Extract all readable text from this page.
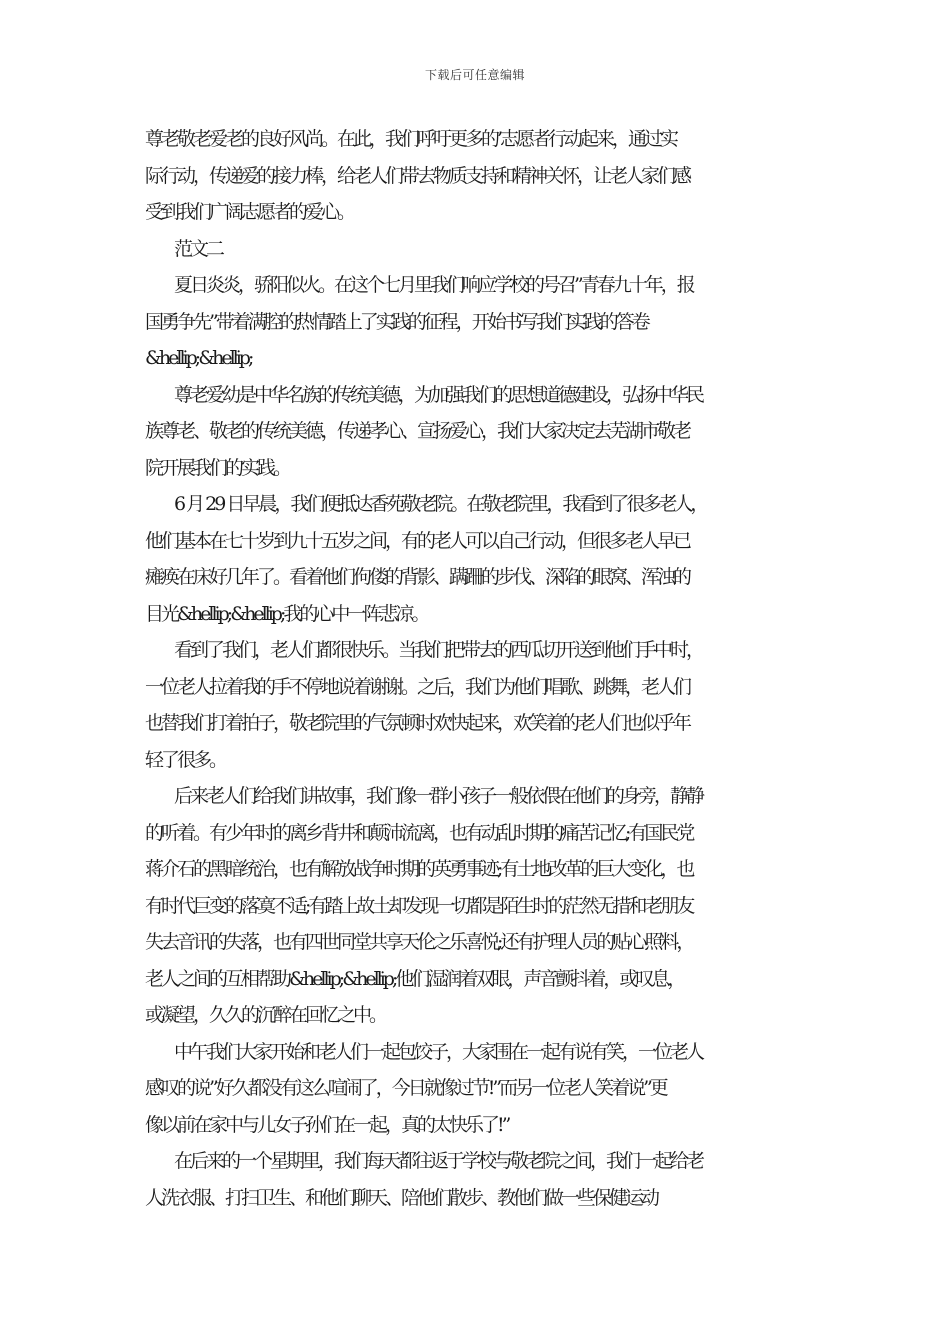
下载后可任意编辑
尊老敬老爱老的良好风尚。在此，我们呼吁更多的’志愿者行动起来，通过实
际行动，传递爱的接力棒，给老人们带去物质支持和精神关怀，让老人家们感
受到我们广阔志愿者的爱心。
范文二
夏日炎炎，骄阳似火。在这个七月里我们响应学校的号召”青春九十年，报
国勇争先”带着满腔的热情踏上了实践的征程，开始书写我们实践的答卷
&hellip;&hellip;
尊老爱幼是中华名族的传统美德，为加强我们的思想道德建设，弘扬中华民
族尊老、敬老的传统美德，传递孝心、宣扬爱心，我们大家决定去芜湖市敬老
院开展我们的实践。
6 月 29 日早晨，我们便抵达香苑敬老院。在敬老院里，我看到了很多老人，
他们基本在七十岁到九十五岁之间，有的老人可以自己行动，但很多老人早已
瘫痪在床好几年了。看着他们佝偻的背影、蹒跚的步伐、深陷的眼窝、浑浊的
目光&hellip;&hellip;我的心中一阵悲凉。
看到了我们，老人们都很快乐。当我们把带去的西瓜切开送到他们手中时，
一位老人拉着我的手不停地说着谢谢。之后，我们为他们唱歌、跳舞，老人们
也替我们打着拍子，敬老院里的气氛顿时欢快起来，欢笑着的老人们也似乎年
轻了很多。
后来老人们给我们讲故事，我们像一群小孩子一般依偎在他们的身旁，静静
的听着。有少年时的离乡背井和颠沛流离，也有动乱时期的痛苦记忆;有国民党
蒋介石的黑暗统治，也有解放战争时期的英勇事迹;有土地改革的巨大变化，也
有时代巨变的落寞不适;有踏上故土却发现一切都是陌生时的茫然无措和老朋友
失去音讯的失落，也有四世同堂共享天伦之乐喜悦;还有护理人员的贴心照料，
老人之间的互相帮助&hellip;&hellip;他们湿润着双眼，声音颤抖着，或叹息，
或凝望，久久的沉醉在回忆之中。
中午我们大家开始和老人们一起包饺子，大家围在一起有说有笑，一位老人
感叹的说”好久都没有这么喧闹了，今日就像过节!”而另一位老人笑着说”更
像以前在家中与儿女子孙们在一起，真的太快乐了!”
在后来的一个星期里，我们每天都往返于学校与敬老院之间，我们一起给老
人洗衣服、打扫卫生、和他们聊天、陪他们散步、教他们做一些保健运动
